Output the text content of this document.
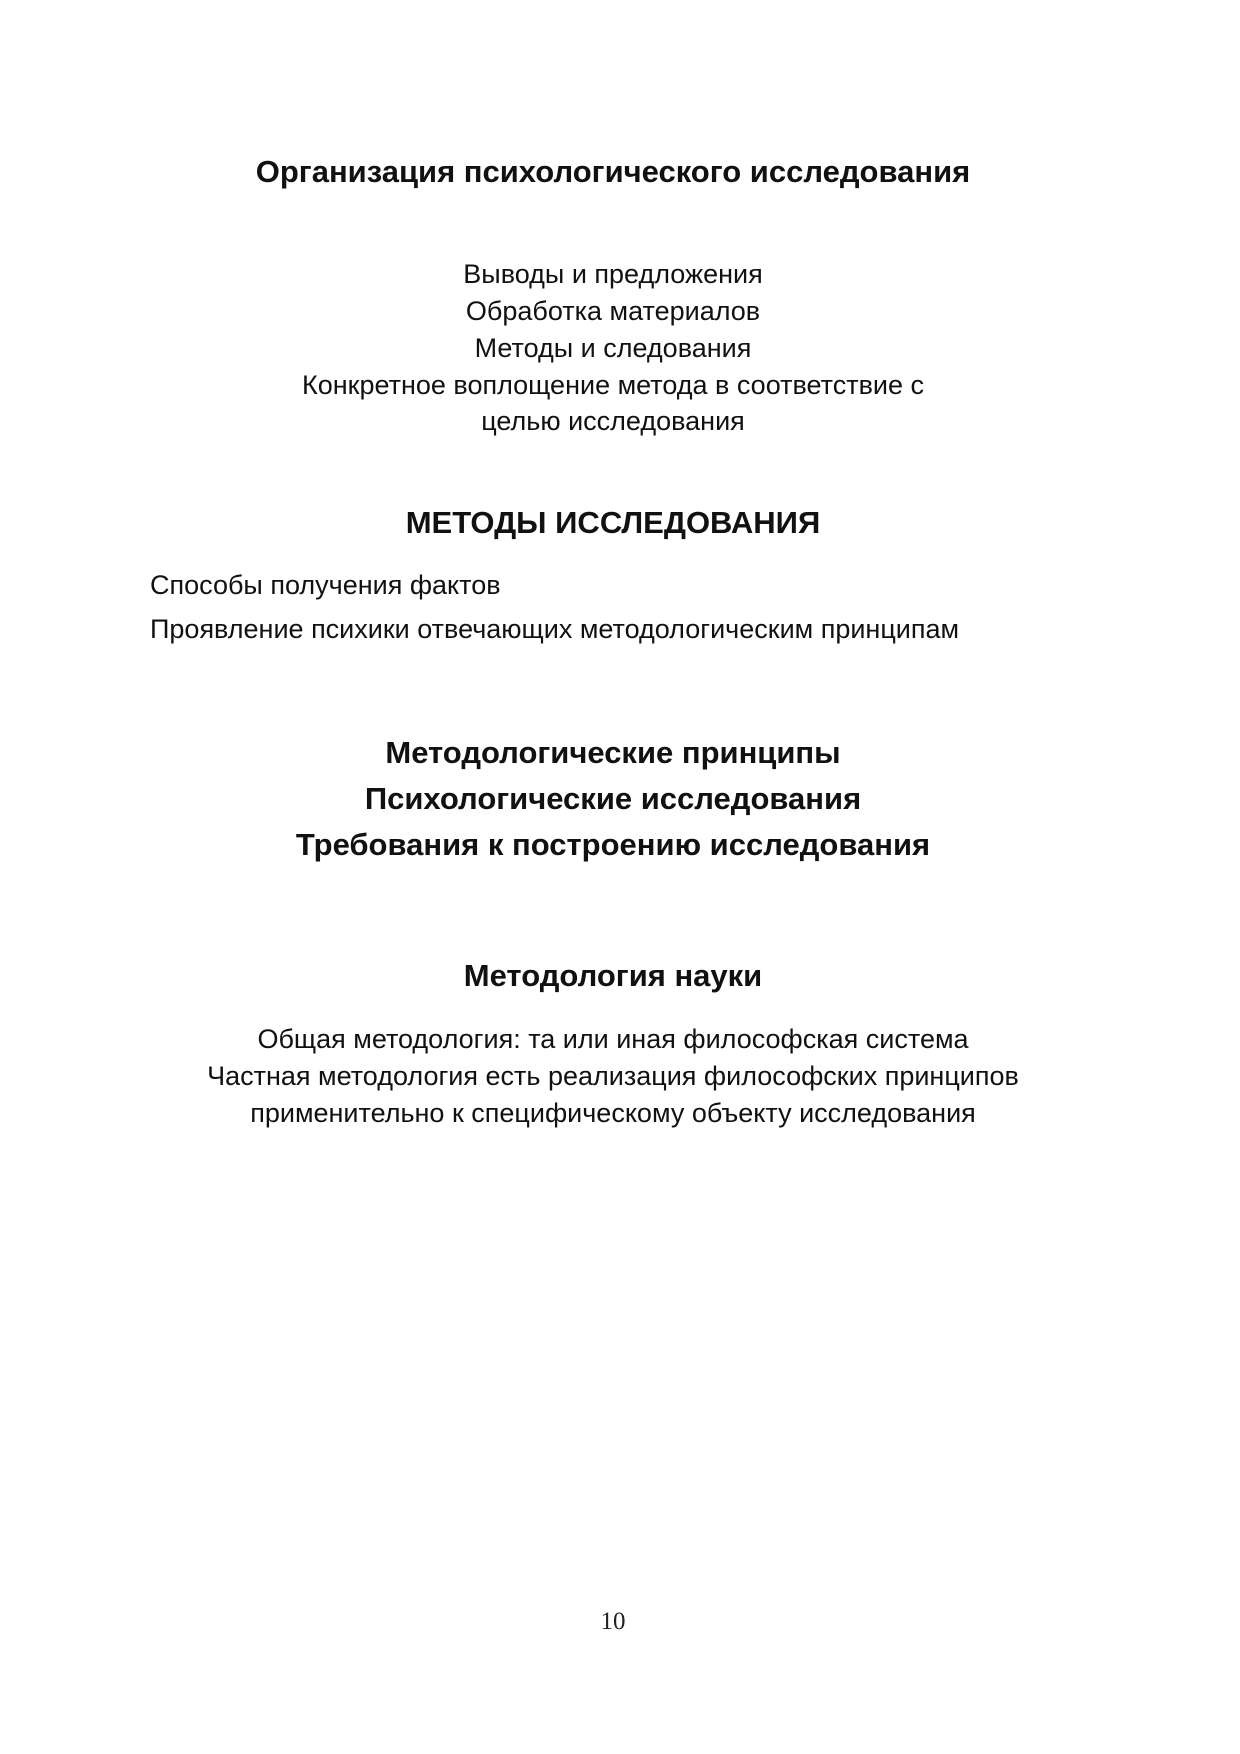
Организация психологического исследования
Выводы и предложения
Обработка материалов
Методы и следования
Конкретное воплощение метода в соответствие с
целью исследования
МЕТОДЫ ИССЛЕДОВАНИЯ
Способы получения фактов
Проявление психики отвечающих методологическим принципам
Методологические принципы
Психологические исследования
Требования к построению исследования
Методология науки
Общая методология: та или иная философская система
Частная методология есть реализация философских принципов
применительно к специфическому объекту исследования
10
